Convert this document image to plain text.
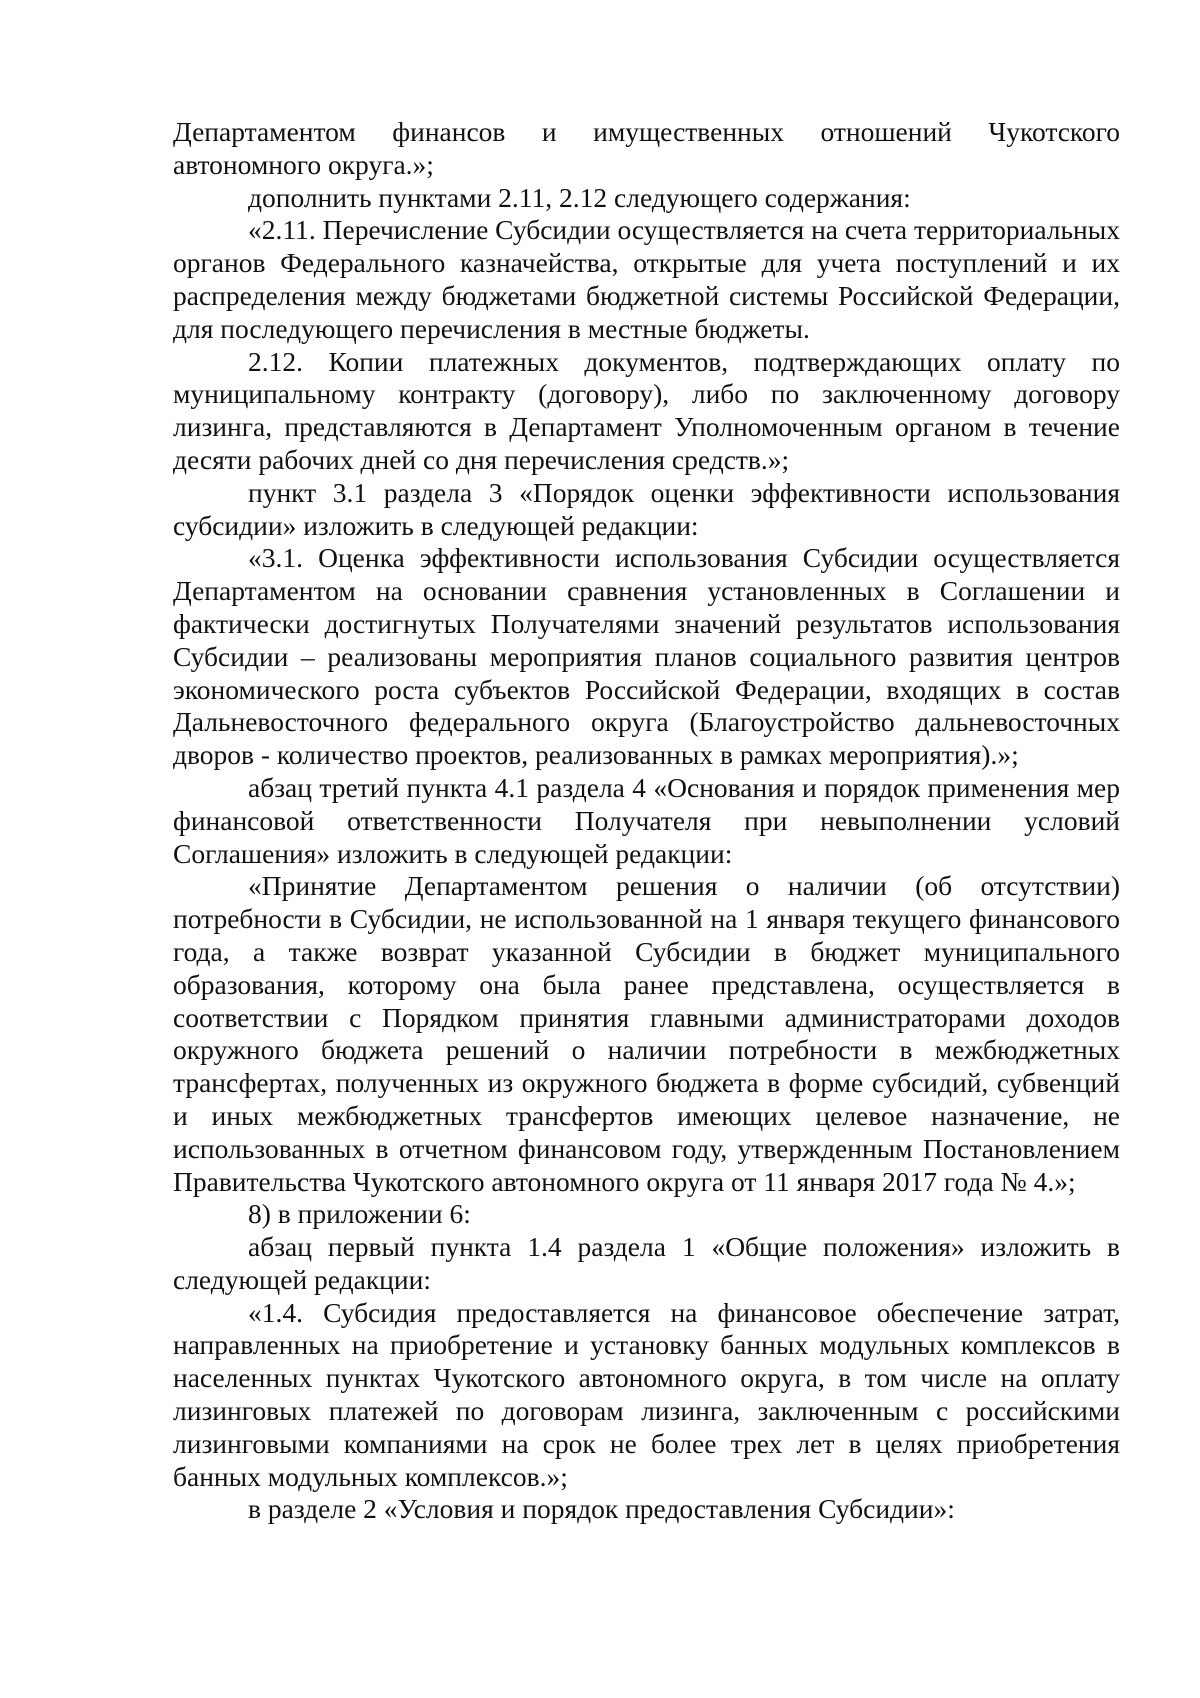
Департаментом финансов и имущественных отношений Чукотского автономного округа.»;

дополнить пунктами 2.11, 2.12 следующего содержания:

«2.11. Перечисление Субсидии осуществляется на счета территориальных органов Федерального казначейства, открытые для учета поступлений и их распределения между бюджетами бюджетной системы Российской Федерации, для последующего перечисления в местные бюджеты.

2.12. Копии платежных документов, подтверждающих оплату по муниципальному контракту (договору), либо по заключенному договору лизинга, представляются в Департамент Уполномоченным органом в течение десяти рабочих дней со дня перечисления средств.»;

пункт 3.1 раздела 3 «Порядок оценки эффективности использования субсидии» изложить в следующей редакции:

«3.1. Оценка эффективности использования Субсидии осуществляется Департаментом на основании сравнения установленных в Соглашении и фактически достигнутых Получателями значений результатов использования Субсидии – реализованы мероприятия планов социального развития центров экономического роста субъектов Российской Федерации, входящих в состав Дальневосточного федерального округа (Благоустройство дальневосточных дворов - количество проектов, реализованных в рамках мероприятия).»;

абзац третий пункта 4.1 раздела 4 «Основания и порядок применения мер финансовой ответственности Получателя при невыполнении условий Соглашения» изложить в следующей редакции:

«Принятие Департаментом решения о наличии (об отсутствии) потребности в Субсидии, не использованной на 1 января текущего финансового года, а также возврат указанной Субсидии в бюджет муниципального образования, которому она была ранее представлена, осуществляется в соответствии с Порядком принятия главными администраторами доходов окружного бюджета решений о наличии потребности в межбюджетных трансфертах, полученных из окружного бюджета в форме субсидий, субвенций и иных межбюджетных трансфертов имеющих целевое назначение, не использованных в отчетном финансовом году, утвержденным Постановлением Правительства Чукотского автономного округа от 11 января 2017 года № 4.»;

8) в приложении 6:

абзац первый пункта 1.4 раздела 1 «Общие положения» изложить в следующей редакции:

«1.4. Субсидия предоставляется на финансовое обеспечение затрат, направленных на приобретение и установку банных модульных комплексов в населенных пунктах Чукотского автономного округа, в том числе на оплату лизинговых платежей по договорам лизинга, заключенным с российскими лизинговыми компаниями на срок не более трех лет в целях приобретения банных модульных комплексов.»;

в разделе 2 «Условия и порядок предоставления Субсидии»:
